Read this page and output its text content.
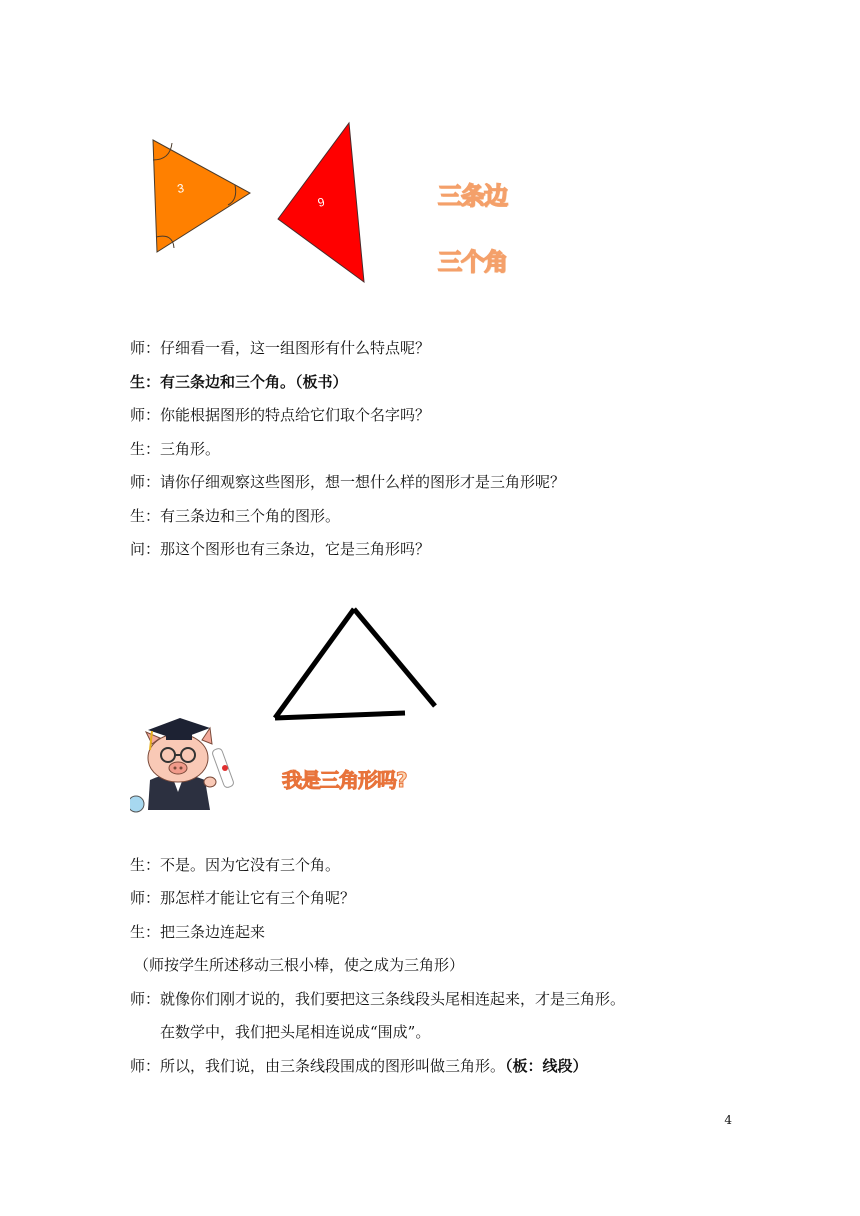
3
9	三条边
三个角
师：仔细看一看，这一组图形有什么特点呢？
生：有三条边和三个角。（板书）
师：你能根据图形的特点给它们取个名字吗？
生：三角形。
师：请你仔细观察这些图形，想一想什么样的图形才是三角形呢？
生：有三条边和三个角的图形。
问：那这个图形也有三条边，它是三角形吗？
我是三角形吗?
生：不是。因为它没有三个角。
师：那怎样才能让它有三个角呢？
生：把三条边连起来
（师按学生所述移动三根小棒，使之成为三角形）
师：就像你们刚才说的，我们要把这三条线段头尾相连起来，才是三角形。
　　在数学中，我们把头尾相连说成“围成”。
师：所以，我们说，由三条线段围成的图形叫做三角形。（板：线段）
4
